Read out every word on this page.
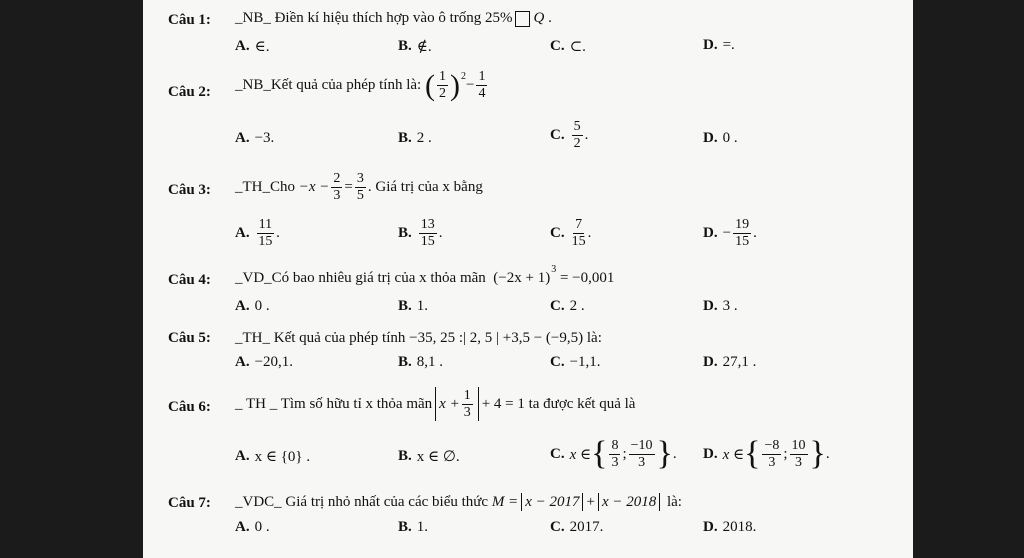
Câu 1: _NB_ Điền kí hiệu thích hợp vào ô trống 25% Q .
A. ∈.	B. ∉.	C. ⊂.	D. =.
Câu 2: _NB_Kết quả của phép tính là:
( $\frac{1}{2}$ ) 2
− $\frac{1}{4}$
A. −3.	B. 2 .	C. $\frac{5}{2}$ .	D. 0 .
Câu 3: _TH_Cho
$-x - \frac{2}{3} = \frac{3}{5}$ . Giá trị của x bằng
A. $\frac{11}{15}$ .	B. $\frac{13}{15}$ .	C. $\frac{7}{15}$ .	D. − $\frac{19}{15}$ .
Câu 4: _VD_Có bao nhiêu giá trị của x thỏa mãn
(−2x + 1)
3

= −0,001
A. 0 .	B. 1.	C. 2 .	D. 3 .
Câu 5: _TH_ Kết quả của phép tính −35, 25 :| 2, 5 | +3,5 − (−9,5) là:
A. −20,1.	B. 8,1 .	C. −1,1.	D. 27,1 .
Câu 6: _ TH _ Tìm số hữu tỉ x thỏa mãn $x + \frac{1}{3} + 4 = 1$
ta được kết quả là
A. x ∈ {0} .	B. x ∈ ∅.	C. x ∈ { $\frac{8}{3}$ ; $\frac{-10}{3}$ } . D. x ∈ { $\frac{-8}{3}$ ; $\frac{10}{3}$ } .
Câu 7: _VDC_ Giá trị nhỏ nhất của các biểu thức
M = x − 2017 + x − 2018
là:
A. 0 .	B. 1.	C. 2017.	D. 2018.
